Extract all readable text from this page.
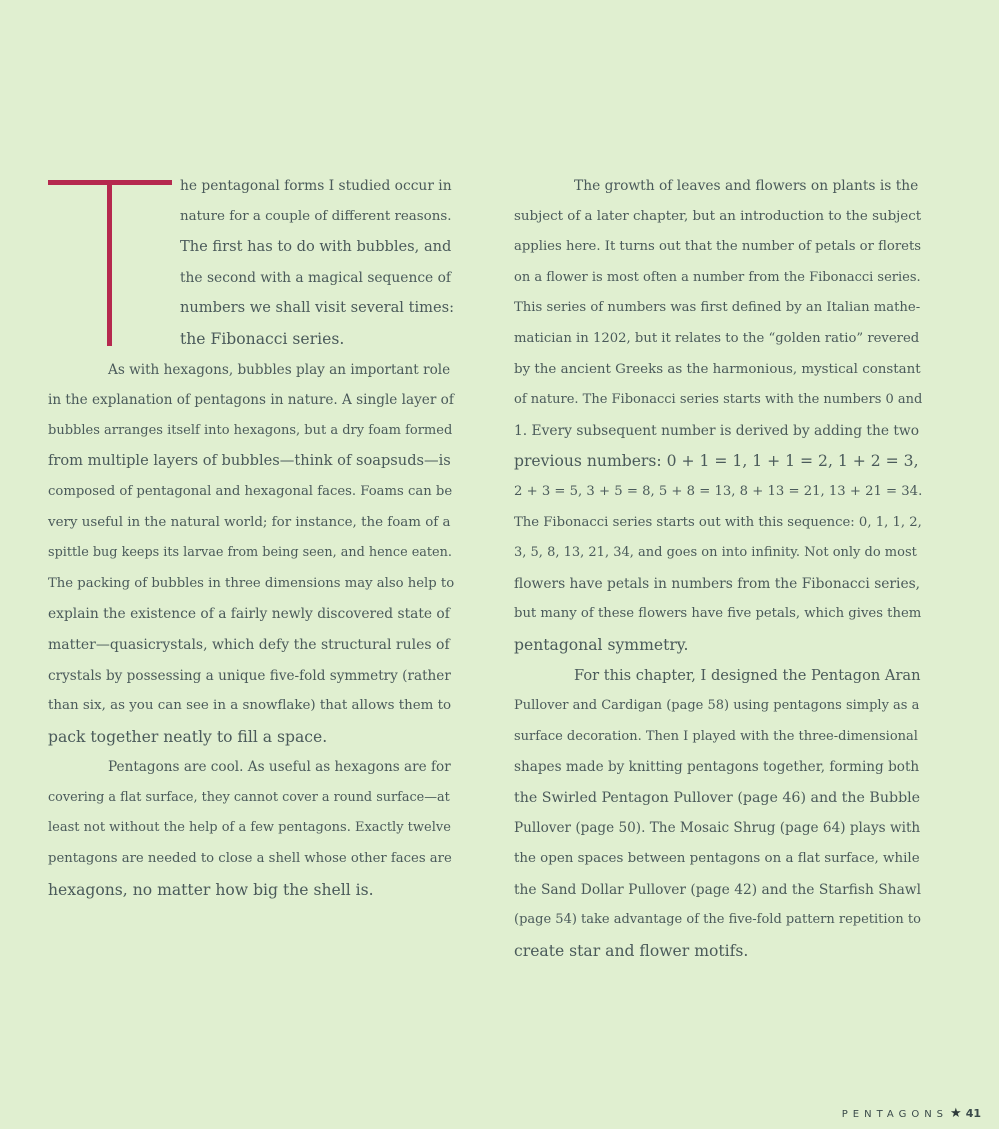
he pentagonal forms I studied occur in
nature for a couple of different reasons.
The first has to do with bubbles, and
the second with a magical sequence of
numbers we shall visit several times:
the Fibonacci series.
As with hexagons, bubbles play an important role
in the explanation of pentagons in nature. A single layer of
bubbles arranges itself into hexagons, but a dry foam formed
from multiple layers of bubbles—think of soapsuds—is
composed of pentagonal and hexagonal faces. Foams can be
very useful in the natural world; for instance, the foam of a
spittle bug keeps its larvae from being seen, and hence eaten.
The packing of bubbles in three dimensions may also help to
explain the existence of a fairly newly discovered state of
matter—quasicrystals, which defy the structural rules of
crystals by possessing a unique five-fold symmetry (rather
than six, as you can see in a snowflake) that allows them to
pack together neatly to fill a space.
Pentagons are cool. As useful as hexagons are for
covering a flat surface, they cannot cover a round surface—at
least not without the help of a few pentagons. Exactly twelve
pentagons are needed to close a shell whose other faces are
hexagons, no matter how big the shell is.
The growth of leaves and flowers on plants is the
subject of a later chapter, but an introduction to the subject
applies here. It turns out that the number of petals or florets
on a flower is most often a number from the Fibonacci series.
This series of numbers was first defined by an Italian mathe-
matician in 1202, but it relates to the “golden ratio” revered
by the ancient Greeks as the harmonious, mystical constant
of nature. The Fibonacci series starts with the numbers 0 and
1. Every subsequent number is derived by adding the two
previous numbers: 0 + 1 = 1, 1 + 1 = 2, 1 + 2 = 3,
2 + 3 = 5, 3 + 5 = 8, 5 + 8 = 13, 8 + 13 = 21, 13 + 21 = 34.
The Fibonacci series starts out with this sequence: 0, 1, 1, 2,
3, 5, 8, 13, 21, 34, and goes on into infinity. Not only do most
flowers have petals in numbers from the Fibonacci series,
but many of these flowers have five petals, which gives them
pentagonal symmetry.
For this chapter, I designed the Pentagon Aran
Pullover and Cardigan (page 58) using pentagons simply as a
surface decoration. Then I played with the three-dimensional
shapes made by knitting pentagons together, forming both
the Swirled Pentagon Pullover (page 46) and the Bubble
Pullover (page 50). The Mosaic Shrug (page 64) plays with
the open spaces between pentagons on a flat surface, while
the Sand Dollar Pullover (page 42) and the Starfish Shawl
(page 54) take advantage of the five-fold pattern repetition to
create star and flower motifs.
PENTAGONS ★ 41
